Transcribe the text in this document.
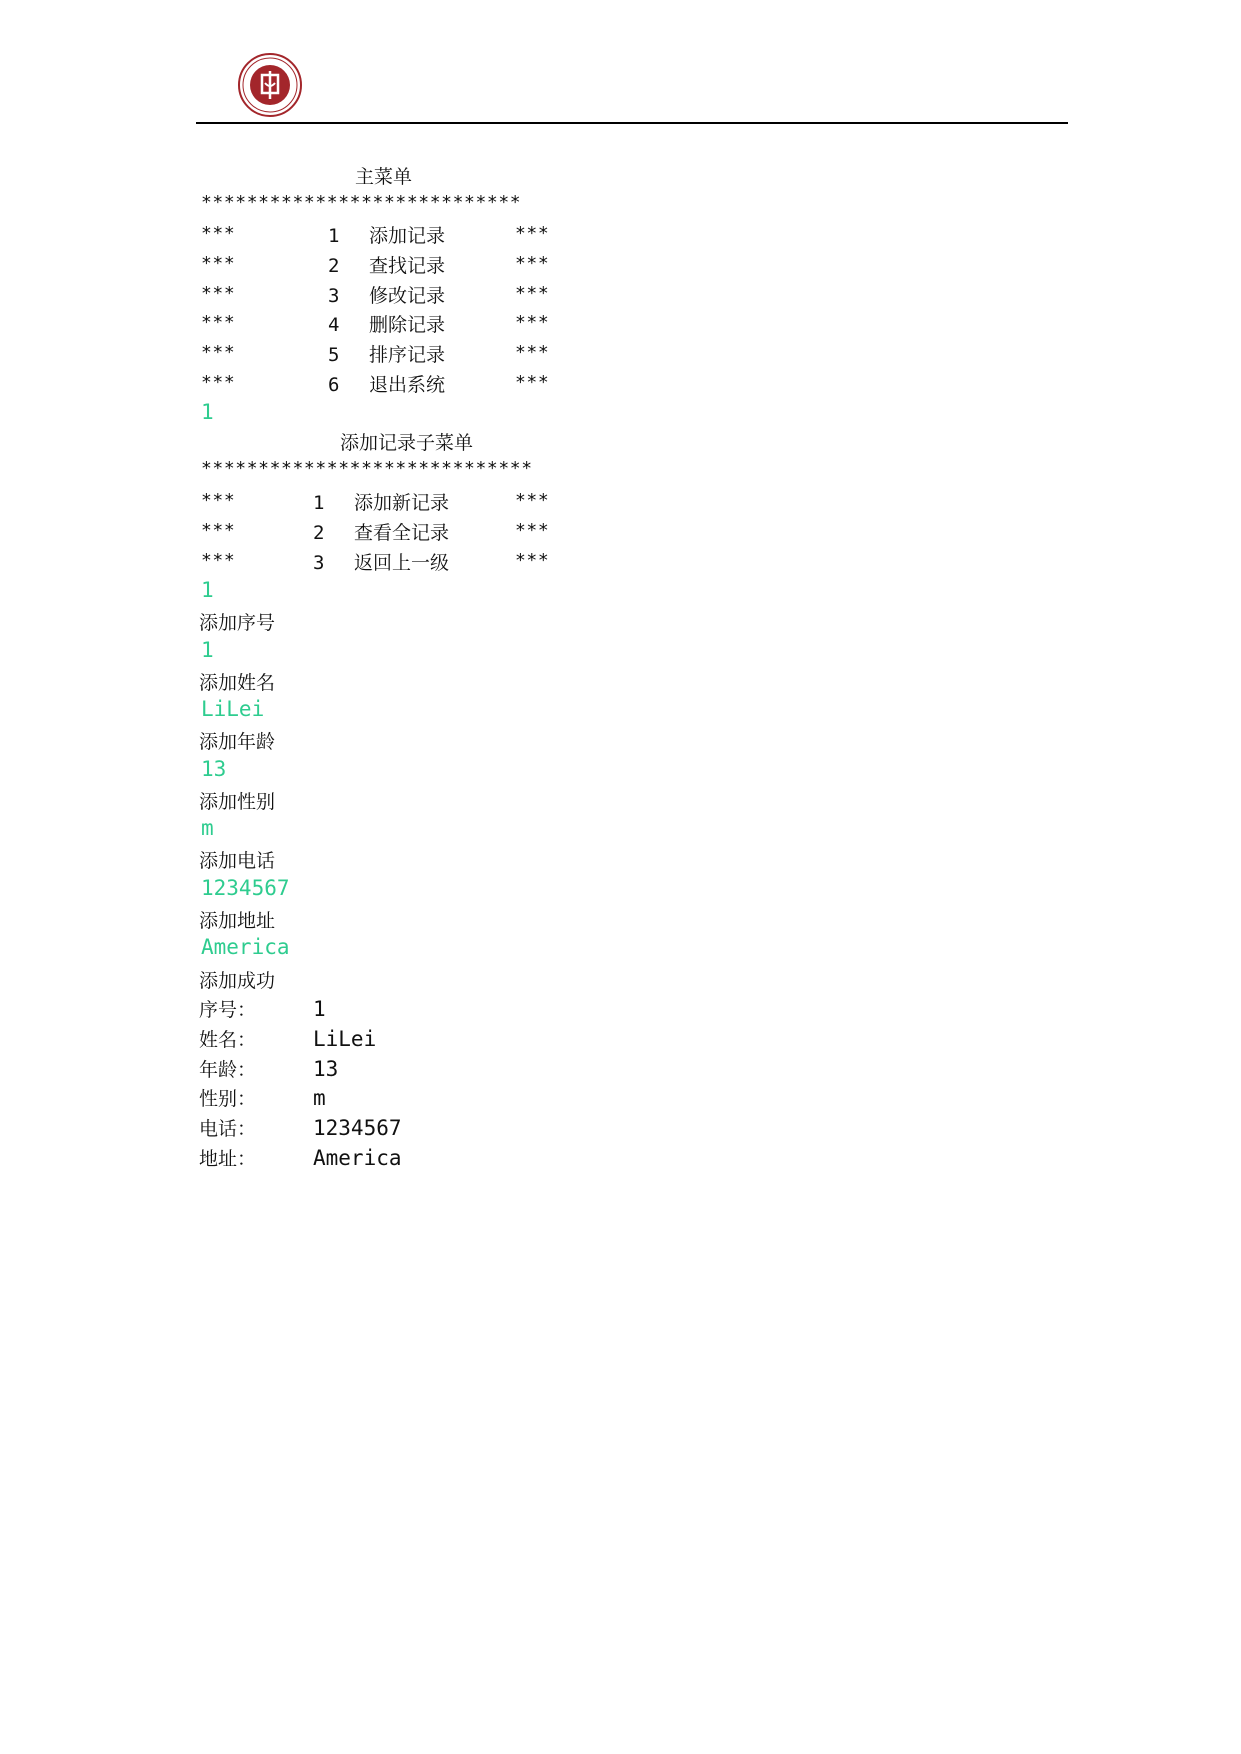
主菜单
****************************
***	1 添加记录	***
***	2 查找记录	***
***	3 修改记录	***
***	4 删除记录	***
***	5 排序记录	***
***	6 退出系统	***
1
添加记录子菜单
*****************************
***	1 添加新记录	***
***	2 查看全记录	***
***	3 返回上一级	***
1
添加序号
1
添加姓名
LiLei
添加年龄
13
添加性别
m
添加电话
1234567
添加地址
America
添加成功
序号：	1
姓名：	LiLei
年龄：	13
性别：	m
电话：	1234567
地址：	America
